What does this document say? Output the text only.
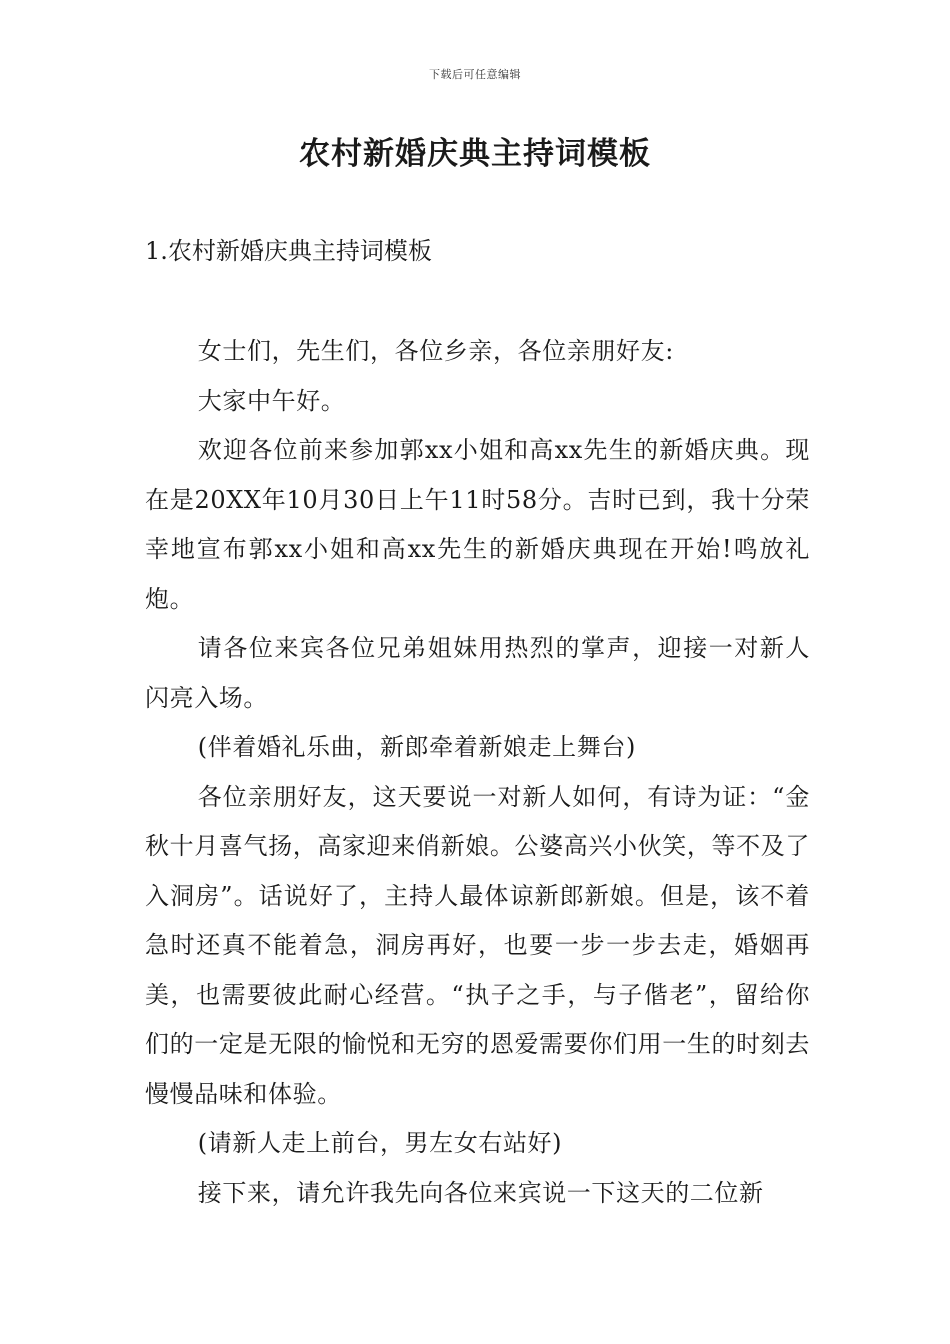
下载后可任意编辑
农村新婚庆典主持词模板
1.农村新婚庆典主持词模板

女士们，先生们，各位乡亲，各位亲朋好友:

大家中午好。

欢迎各位前来参加郭xx小姐和高xx先生的新婚庆典。现在是20XX年10月30日上午11时58分。吉时已到，我十分荣幸地宣布郭xx小姐和高xx先生的新婚庆典现在开始!鸣放礼炮。

请各位来宾各位兄弟姐妹用热烈的掌声，迎接一对新人闪亮入场。

(伴着婚礼乐曲，新郎牵着新娘走上舞台)

各位亲朋好友，这天要说一对新人如何，有诗为证：“金秋十月喜气扬，高家迎来俏新娘。公婆高兴小伙笑，等不及了入洞房”。话说好了，主持人最体谅新郎新娘。但是，该不着急时还真不能着急，洞房再好，也要一步一步去走，婚姻再美，也需要彼此耐心经营。“执子之手，与子偕老”，留给你们的一定是无限的愉悦和无穷的恩爱需要你们用一生的时刻去慢慢品味和体验。

(请新人走上前台，男左女右站好)

接下来，请允许我先向各位来宾说一下这天的二位新
